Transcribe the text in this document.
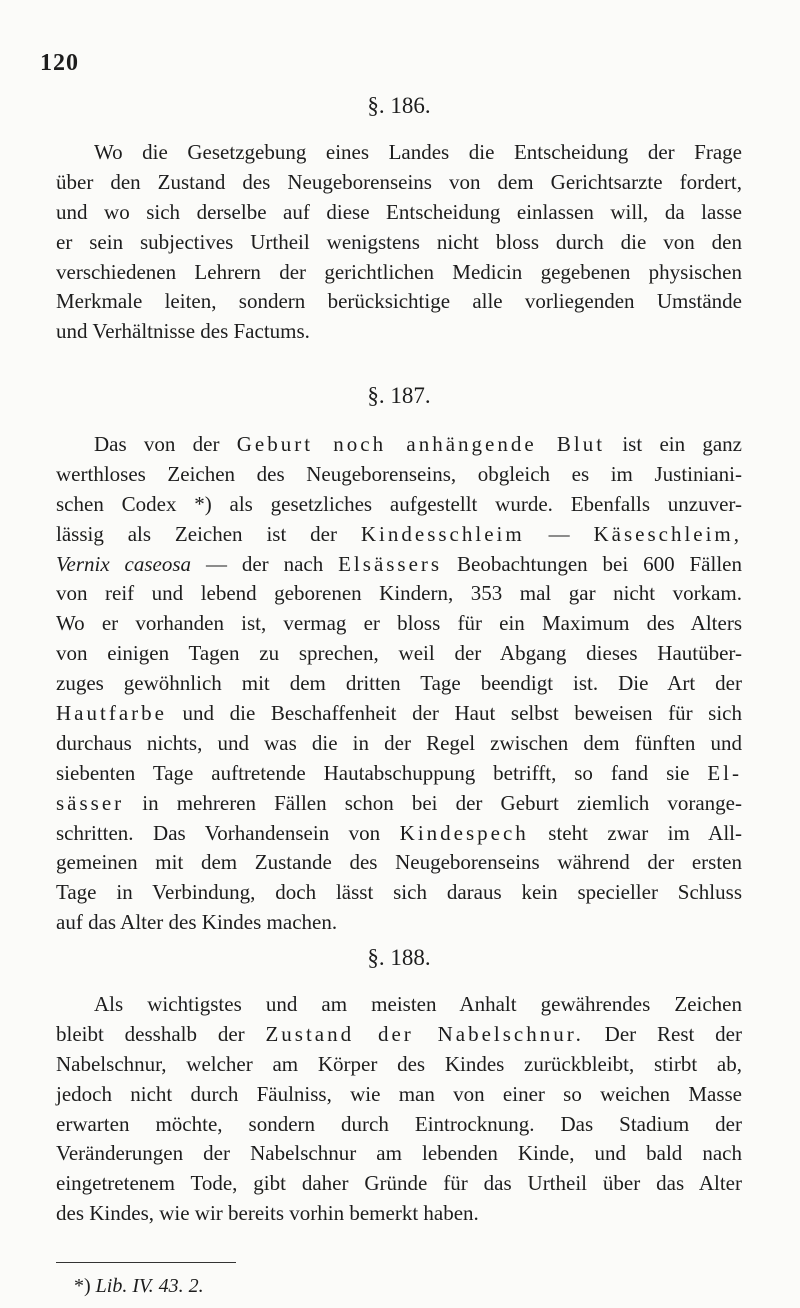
120

§. 186.

Wo die Gesetzgebung eines Landes die Entscheidung der Frage
über den Zustand des Neugeborenseins von dem Gerichtsarzte fordert,
und wo sich derselbe auf diese Entscheidung einlassen will, da lasse
er sein subjectives Urtheil wenigstens nicht bloss durch die von den
verschiedenen Lehrern der gerichtlichen Medicin gegebenen physischen
Merkmale leiten, sondern berücksichtige alle vorliegenden Umstände
und Verhältnisse des Factums.

§. 187.

Das von der Geburt noch anhängende Blut ist ein ganz
werthloses Zeichen des Neugeborenseins, obgleich es im Justiniani-
schen Codex *) als gesetzliches aufgestellt wurde. Ebenfalls unzuver-
lässig als Zeichen ist der Kindesschleim — Käseschleim,
Vernix caseosa — der nach Elsässers Beobachtungen bei 600 Fällen
von reif und lebend geborenen Kindern, 353 mal gar nicht vorkam.
Wo er vorhanden ist, vermag er bloss für ein Maximum des Alters
von einigen Tagen zu sprechen, weil der Abgang dieses Hautüber-
zuges gewöhnlich mit dem dritten Tage beendigt ist. Die Art der
Hautfarbe und die Beschaffenheit der Haut selbst beweisen für sich
durchaus nichts, und was die in der Regel zwischen dem fünften und
siebenten Tage auftretende Hautabschuppung betrifft, so fand sie El-
sässer in mehreren Fällen schon bei der Geburt ziemlich vorange-
schritten. Das Vorhandensein von Kindespech steht zwar im All-
gemeinen mit dem Zustande des Neugeborenseins während der ersten
Tage in Verbindung, doch lässt sich daraus kein specieller Schluss
auf das Alter des Kindes machen.

§. 188.

Als wichtigstes und am meisten Anhalt gewährendes Zeichen
bleibt desshalb der Zustand der Nabelschnur. Der Rest der
Nabelschnur, welcher am Körper des Kindes zurückbleibt, stirbt ab,
jedoch nicht durch Fäulniss, wie man von einer so weichen Masse
erwarten möchte, sondern durch Eintrocknung. Das Stadium der
Veränderungen der Nabelschnur am lebenden Kinde, und bald nach
eingetretenem Tode, gibt daher Gründe für das Urtheil über das Alter
des Kindes, wie wir bereits vorhin bemerkt haben.
*) Lib. IV. 43. 2.
